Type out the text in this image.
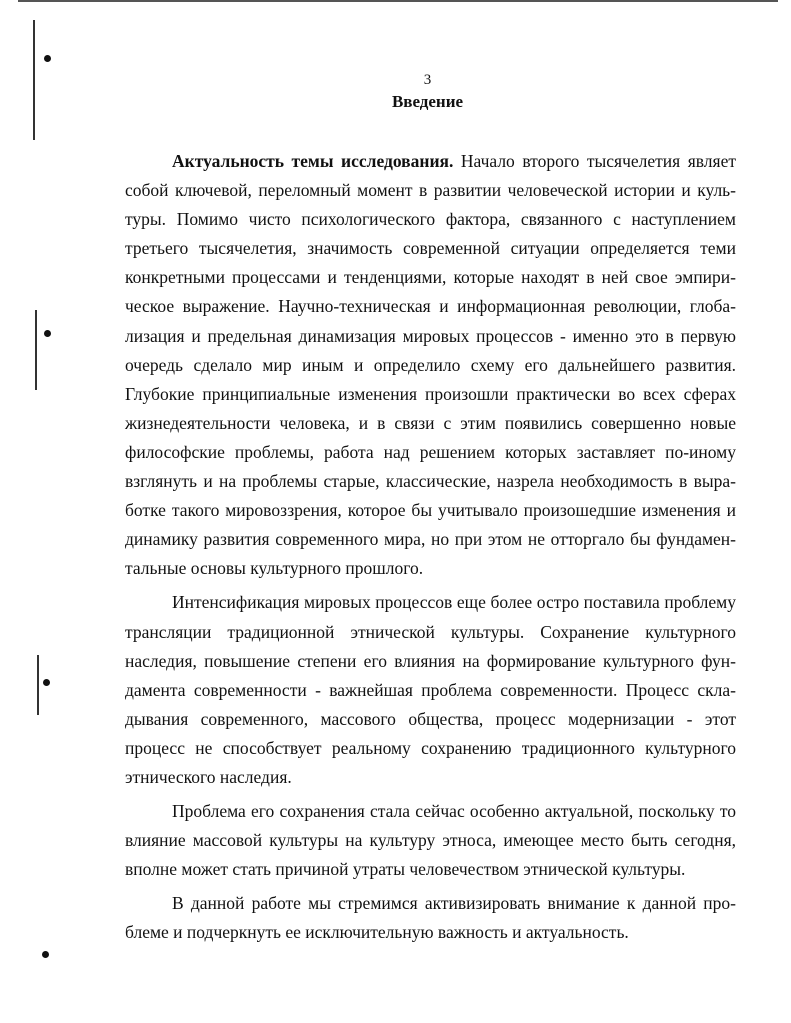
3
Введение

Актуальность темы исследования. Начало второго тысячелетия являет собой ключевой, переломный момент в развитии человеческой истории и культуры. Помимо чисто психологического фактора, связанного с наступлением третьего тысячелетия, значимость современной ситуации определяется теми конкретными процессами и тенденциями, которые находят в ней свое эмпирическое выражение. Научно-техническая и информационная революции, глобализация и предельная динамизация мировых процессов - именно это в первую очередь сделало мир иным и определило схему его дальнейшего развития. Глубокие принципиальные изменения произошли практически во всех сферах жизнедеятельности человека, и в связи с этим появились совершенно новые философские проблемы, работа над решением которых заставляет по-иному взглянуть и на проблемы старые, классические, назрела необходимость в выработке такого мировоззрения, которое бы учитывало произошедшие изменения и динамику развития современного мира, но при этом не отторгало бы фундаментальные основы культурного прошлого.

Интенсификация мировых процессов еще более остро поставила проблему трансляции традиционной этнической культуры. Сохранение культурного наследия, повышение степени его влияния на формирование культурного фундамента современности - важнейшая проблема современности. Процесс складывания современного, массового общества, процесс модернизации - этот процесс не способствует реальному сохранению традиционного культурного этнического наследия.

Проблема его сохранения стала сейчас особенно актуальной, поскольку то влияние массовой культуры на культуру этноса, имеющее место быть сегодня, вполне может стать причиной утраты человечеством этнической культуры.

В данной работе мы стремимся активизировать внимание к данной проблеме и подчеркнуть ее исключительную важность и актуальность.
